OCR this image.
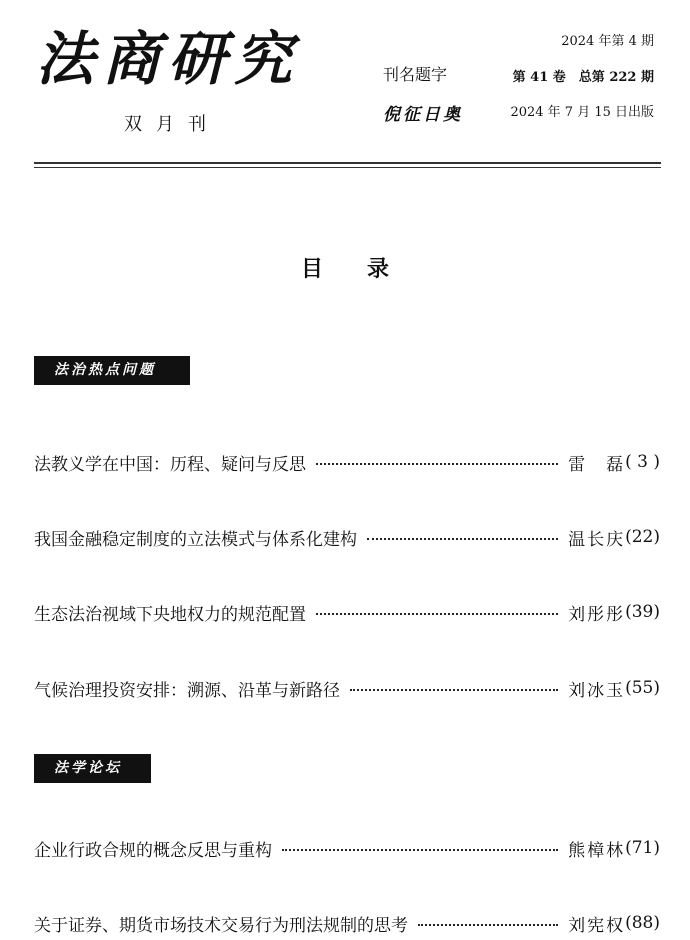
法商研究
双月刊
刊名题字
倪征日奥
2024 年第 4 期
第 41 卷　总第 222 期
2024 年 7 月 15 日出版
目录
法治热点问题
法教义学在中国：历程、疑问与反思	雷　磊 ( 3 )
我国金融稳定制度的立法模式与体系化建构	温长庆 (22)
生态法治视域下央地权力的规范配置	刘彤彤 (39)
气候治理投资安排：溯源、沿革与新路径	刘冰玉 (55)
法学论坛
企业行政合规的概念反思与重构	熊樟林 (71)
关于证券、期货市场技术交易行为刑法规制的思考	刘宪权 (88)
